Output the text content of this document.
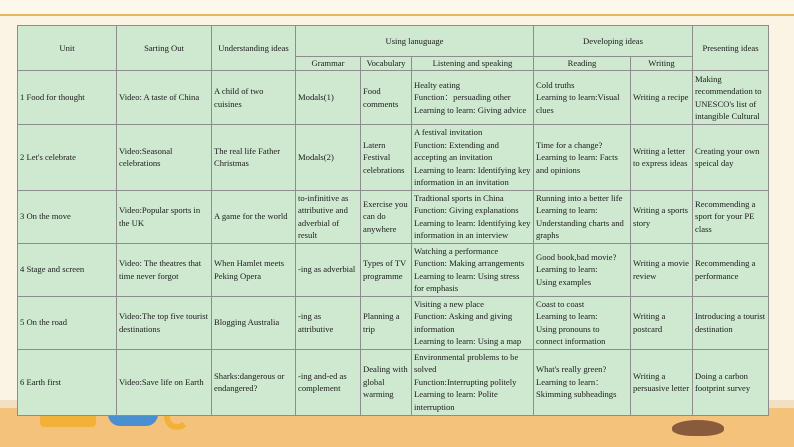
Unit	Sarting Out	Understanding ideas	Using lanuguage			Developing ideas		Presenting ideas
			Grammar	Vocabulary	Listening and speaking	Reading	Writing	
1 Food for thought	Video: A taste of China	A child of two cuisines	Modals(1)	Food comments	Healty eating
Function：persuading other
Learning to learn: Giving advice	Cold truths
Learning to learn:Visual clues	Writing a recipe	Making recommendation to UNESCO's list of intangible Cultural
2 Let's celebrate	Video:Seasonal celebrations	The real life Father Christmas	Modals(2)	Latern Festival celebrations	A festival invitation
Function: Extending and accepting an invitation
Learning to learn: Identifying key information in an invitation	Time for a change?
Learning to learn: Facts and opinions	Writing a letter to express ideas	Creating your own speical day
3 On the move	Video:Popular sports in the UK	A game for the world	to-infinitive as attributive and adverbial of result	Exercise you can do anywhere	Tradtional sports in China
Function: Giving explanations
Learning to learn: Identifying key information in an interview	Running into a better life
Learning to learn: Understanding charts and graphs	Writing a sports story	Recommending a sport for your PE class
4 Stage and screen	Video: The theatres that time never forgot	When Hamlet meets Peking Opera	-ing as adverbial	Types of TV programme	Watching a performance
Function: Making arrangements
Learning to learn: Using stress for emphasis	Good book,bad movie?
Learning to learn:
Using examples	Writing a movie review	Recommending a performance
5 On the road	Video:The top five tourist destinations	Blogging Australia	-ing as attributive	Planning a trip	Visiting a new place
Function: Asking and giving information
Learning to learn: Using a map	Coast to coast
Learning to learn:
Using pronouns to connect information	Writing a postcard	Introducing a tourist destination
6 Earth first	Video:Save life on Earth	Sharks:dangerous or endangered?	-ing and-ed as complement	Dealing with global warming	Environmental problems to be solved
Function:Interrupting politely
Learning to learn: Polite interruption	What's really green?
Learning to learn：
Skimming subheadings	Writing a persuasive letter	Doing a carbon footprint survey
